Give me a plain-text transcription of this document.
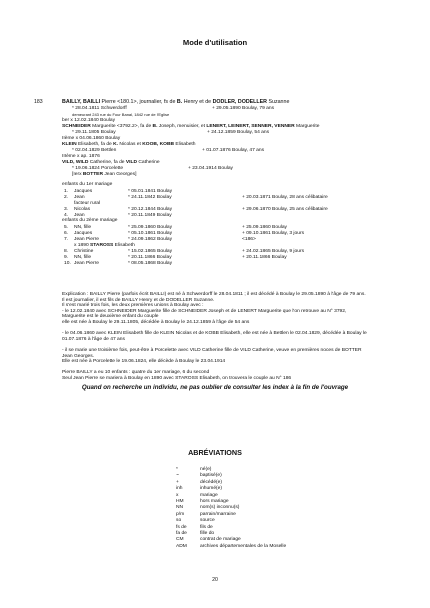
Mode d'utilisation
183	BAILLY, BAILLI Pierre <180.1>, journalier, fs de B. Henry et de DODLER, DODELLER Suzanne
* 28.04.1811 Schwerdorff	+ 29.05.1890 Boulay, 79 ans
demeurant 243 rue du Four Banal, 1842 rue de l'Eglise
ber x 12.02.1840 Boulay
SCHNEIDER Marguerite <3792.2>, fa de B. Joseph, menuisier, et LENERT, LEINERT, SENNER, VENNER Marguerite
* 29.11.1805 Boulay	+ 24.12.1859 Boulay, 54 ans
IIème x 04.06.1860 Boulay
KLEIN Elisabeth, fa de K. Nicolas et KOOB, KOBB Elisabeth
* 02.04.1829 Bettlen	+ 01.07.1876 Boulay, 47 ans
IIIème x ap. 1876
VILD, WILD Catherine, fa de VILD Catherine
* 19.06.1824 Porcelette	+ 23.04.1914 Boulay
[Ierx BOTTER Jean Georges]
enfants du 1er mariage
1. Jacques	* 05.01.1841 Boulay
2. Jean	* 24.11.1842 Boulay	+ 20.03.1871 Boulay, 28 ans célibataire
facteur rural
3. Nicolas	* 20.12.1844 Boulay	+ 29.06.1870 Boulay, 25 ans célibataire
4. Jean	* 20.11.1849 Boulay
enfants du 2ème mariage
5. NN, fille	* 25.09.1860 Boulay	+ 25.09.1860 Boulay
6. Jacques	* 05.10.1861 Boulay	+ 09.10.1861 Boulay, 3 jours
7. Jean Pierre	* 24.09.1862 Boulay	<186>
x 1890 STAROSS Elisabeth
8. Christine	* 15.02.1865 Boulay	+ 24.02.1865 Boulay, 9 jours
9. NN, fille	* 20.11.1866 Boulay	+ 20.11.1866 Boulay
10. Jean Pierre	* 08.05.1868 Boulay
Explication : BAILLY Pierre (parfois écrit BAILLI) est né à Schwerdorff le 28.04.1811 ; il est décédé à Boulay le 29.05.1890 à l'âge de 79 ans.
Il est journalier, il est fils de BAILLY Henry et de DODELLER Suzanne.
Il s'est marié trois fois, les deux premières unions à Boulay avec :
- le 12.02.1840 avec SCHNEIDER Marguerite fille de SCHNEIDER Joseph et de LENERT Marguerite que l'on retrouve au N° 3792,
Marguerite est le deuxième enfant du couple
elle est née à Boulay le 29.11.1805, décédée à Boulay le 24.12.1859 à l'âge de 54 ans
- le 04.06.1860 avec KLEIN Elisabeth fille de KLEIN Nicolas et de KOBB Elisabeth, elle est née à Bettlen le 02.04.1829, décédée à Boulay le
01.07.1876 à l'âge de 47 ans
- il se marie une troisième fois, peut-être à Porcelette avec VILD Catherine fille de VILD Catherine, veuve en premières noces de BOTTER
Jean Georges.
Elle est née à Porcelette le 19.06.1824, elle décède à Boulay le 23.04.1914
Pierre BAILLY a eu 10 enfants : quatre du 1er mariage, 6 du second
Seul Jean Pierre se mariera à Boulay en 1890 avec STAROSS Elisabeth, on trouvera le couple au N° 186
Quand on recherche un individu, ne pas oublier de consulter les index à la fin de l'ouvrage
ABRÉVIATIONS
*	né(e)
~	baptisé(e)
+	décédé(e)
inh	inhumé(e)
x	mariage
HM	hors mariage
NN	nom(s) inconnu(s)
p/m	parrain/marraine
so	source
fs de	fils de
fa de	fille do
CM	contrat de mariage
ADM	archives départementales de la Moselle
20
